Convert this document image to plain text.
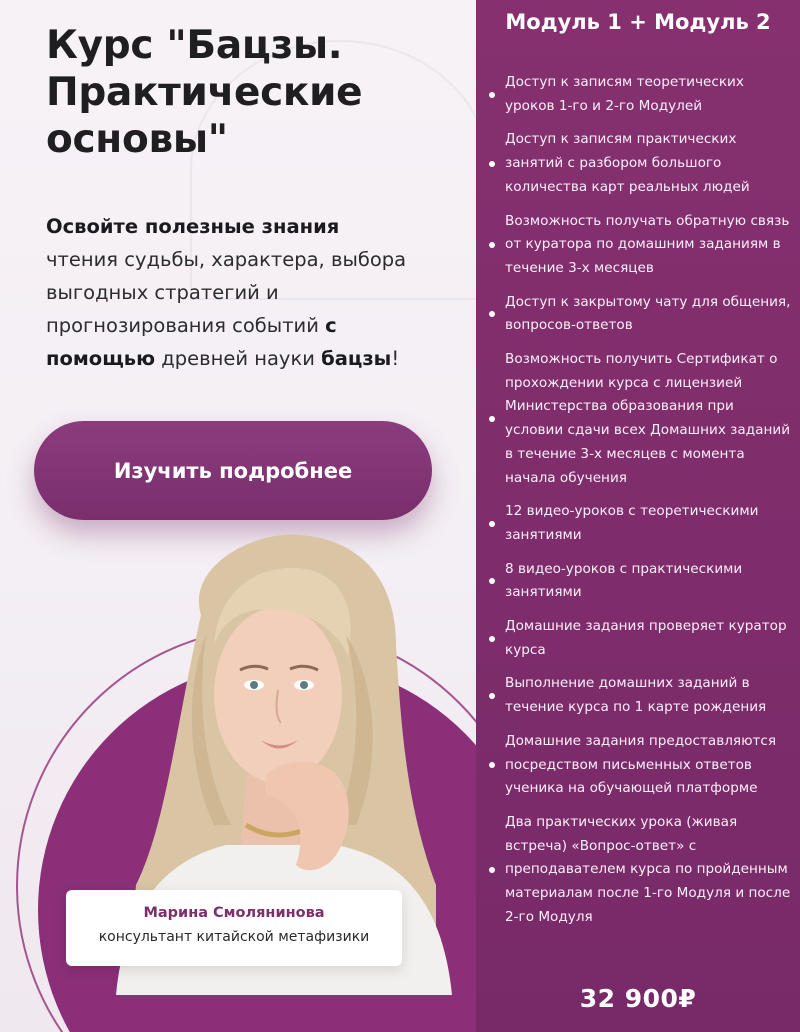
Курс "Бацзы. Практические основы"

Освойте полезные знания чтения судьбы, характера, выбора выгодных стратегий и прогнозирования событий с помощью древней науки бацзы!

Изучить подробнее
Марина Смолянинова
консультант китайской метафизики
Модуль 1 + Модуль 2
Доступ к записям теоретических уроков 1-го и 2-го Модулей
Доступ к записям практических занятий с разбором большого количества карт реальных людей
Возможность получать обратную связь от куратора по домашним заданиям в течение 3-х месяцев
Доступ к закрытому чату для общения, вопросов-ответов
Возможность получить Сертификат о прохождении курса с лицензией Министерства образования при условии сдачи всех Домашних заданий в течение 3-х месяцев с момента начала обучения
12 видео-уроков с теоретическими занятиями
8 видео-уроков с практическими занятиями
Домашние задания проверяет куратор курса
Выполнение домашних заданий в течение курса по 1 карте рождения
Домашние задания предоставляются посредством письменных ответов ученика на обучающей платформе
Два практических урока (живая встреча) «Вопрос-ответ» с преподавателем курса по пройденным материалам после 1-го Модуля и после 2-го Модуля
32 900₽
